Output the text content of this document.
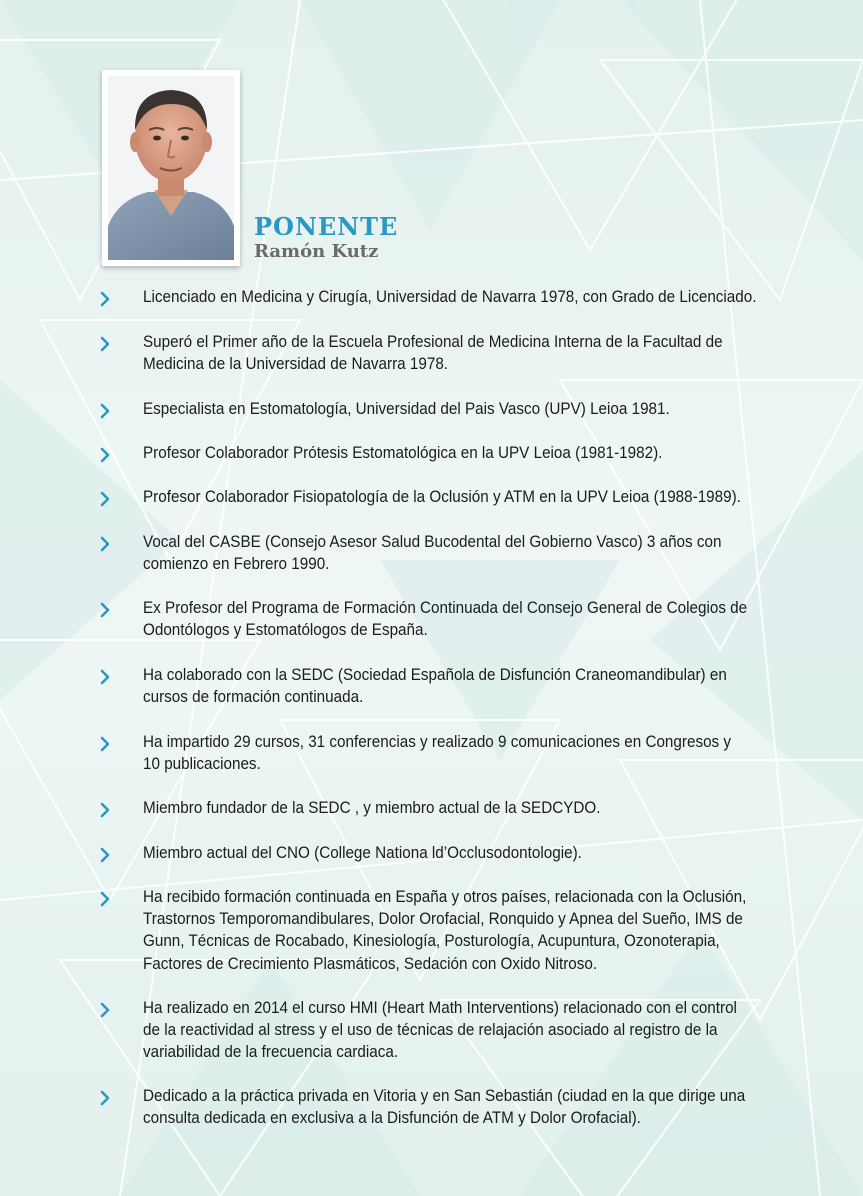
PONENTE
Ramón Kutz
Licenciado en Medicina y Cirugía, Universidad de Navarra 1978, con Grado de Licenciado.
Superó el Primer año de la Escuela Profesional de Medicina Interna de la Facultad de
Medicina de la Universidad de Navarra 1978.
Especialista en Estomatología, Universidad del Pais Vasco (UPV) Leioa 1981.
Profesor Colaborador Prótesis Estomatológica en la UPV Leioa (1981-1982).
Profesor Colaborador Fisiopatología de la Oclusión y ATM en la UPV Leioa (1988-1989).
Vocal del CASBE (Consejo Asesor Salud Bucodental del Gobierno Vasco) 3 años con
comienzo en Febrero 1990.
Ex Profesor del Programa de Formación Continuada del Consejo General de Colegios de
Odontólogos y Estomatólogos de España.
Ha colaborado con la SEDC (Sociedad Española de Disfunción Craneomandibular) en
cursos de formación continuada.
Ha impartido 29 cursos, 31 conferencias y realizado 9 comunicaciones en Congresos y
10 publicaciones.
Miembro fundador de la SEDC , y miembro actual de la SEDCYDO.
Miembro actual del CNO (College Nationa ld’Occlusodontologie).
Ha recibido formación continuada en España y otros países, relacionada con la Oclusión,
Trastornos Temporomandibulares, Dolor Orofacial, Ronquido y Apnea del Sueño, IMS de
Gunn, Técnicas de Rocabado, Kinesiología, Posturología, Acupuntura, Ozonoterapia,
Factores de Crecimiento Plasmáticos, Sedación con Oxido Nitroso.
Ha realizado en 2014 el curso HMI (Heart Math Interventions) relacionado con el control
de la reactividad al stress y el uso de técnicas de relajación asociado al registro de la
variabilidad de la frecuencia cardiaca.
Dedicado a la práctica privada en Vitoria y en San Sebastián (ciudad en la que dirige una
consulta dedicada en exclusiva a la Disfunción de ATM y Dolor Orofacial).
